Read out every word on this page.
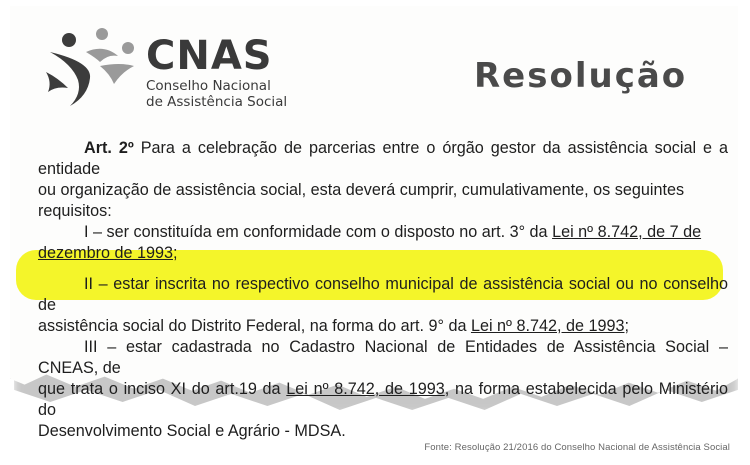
CNAS
Conselho Nacional
de Assistência Social
Resolução

Art. 2º Para a celebração de parcerias entre o órgão gestor da assistência social e a entidade

ou organização de assistência social, esta deverá cumprir, cumulativamente, os seguintes

requisitos:

I – ser constituída em conformidade com o disposto no art. 3° da Lei nº 8.742, de 7 de

dezembro de 1993;

II – estar inscrita no respectivo conselho municipal de assistência social ou no conselho de

assistência social do Distrito Federal, na forma do art. 9° da Lei nº 8.742, de 1993;

III – estar cadastrada no Cadastro Nacional de Entidades de Assistência Social – CNEAS, de

que trata o inciso XI do art.19 da Lei nº 8.742, de 1993, na forma estabelecida pelo Ministério do

Desenvolvimento Social e Agrário - MDSA.

Fonte: Resolução 21/2016 do Conselho Nacional de Assistência Social
